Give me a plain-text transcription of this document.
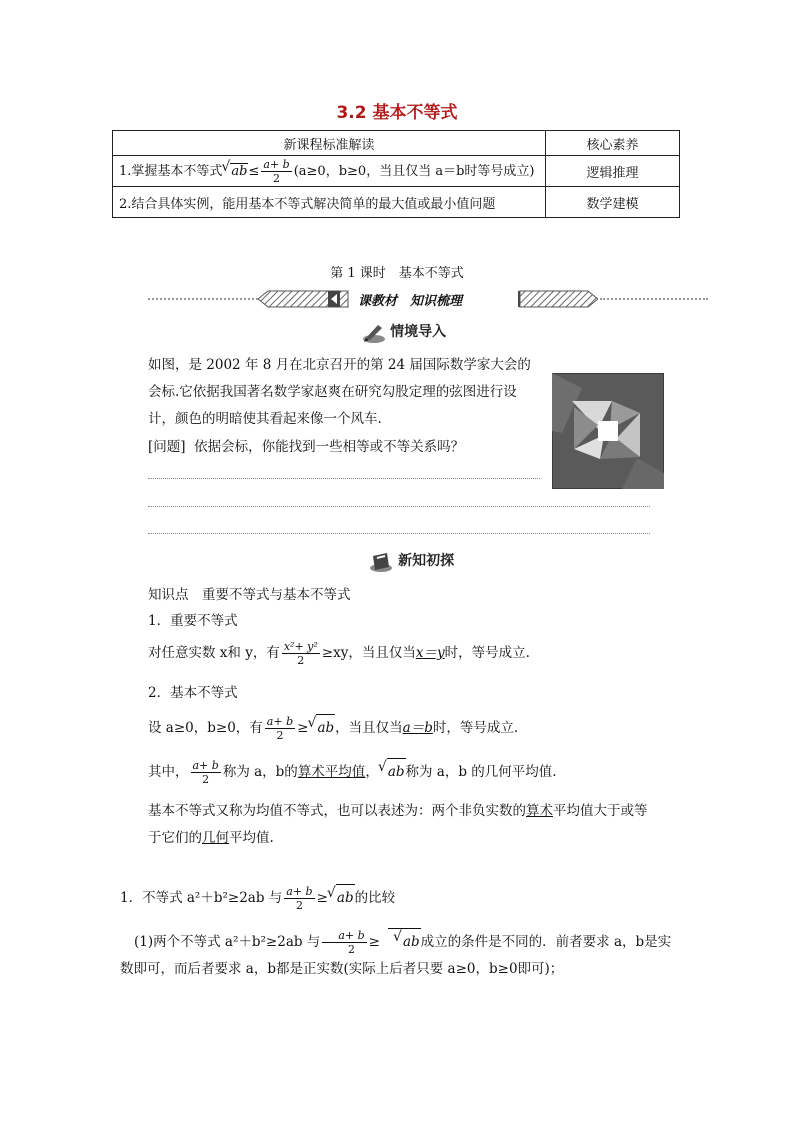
3.2 基本不等式
新课程标准解读	核心素养
1.掌握基本不等式 √ $ab\le \frac{a+ b}{2} (a\ge 0$，b≥0，当且仅当 a＝b时等号成立)	逻辑推理
2.结合具体实例，能用基本不等式解决简单的最大值或最小值问题	数学建模
第 1 课时　基本不等式
课教材　知识梳理
情境导入
如图，是 2002 年 8 月在北京召开的第 24 届国际数学家大会的会标.它依据我国著名数学家赵爽在研究勾股定理的弦图进行设计，颜色的明暗使其看起来像一个风车.
[问题] 依据会标，你能找到一些相等或不等关系吗？
新知初探
知识点　重要不等式与基本不等式
1．重要不等式
对任意实数 x和 y，有 $\frac{\text{x²+ y²}}{2} \ge xy$，当且仅当x＝y时，等号成立.
2．基本不等式
设 a≥0，b≥0，有 $\frac{a+ b}{2}$ ≥ √ ab，当且仅当a＝b时，等号成立.
其中， $\frac{a+ b}{2}$ 称为 a，b的算术平均值， √ ab称为 a，b 的几何平均值.
基本不等式又称为均值不等式，也可以表述为：两个非负实数的算术平均值大于或等于它们的几何平均值.
1．不等式 a²＋b²≥2ab 与 $\frac{a+ b}{2}$ ≥ √ ab的比较
(1)两个不等式 a²＋b²≥2ab 与 $\frac{a+ b}{2}$ ≥ √ ab成立的条件是不同的．前者要求 a，b是实数即可，而后者要求 a，b都是正实数(实际上后者只要 a≥0，b≥0即可)；
